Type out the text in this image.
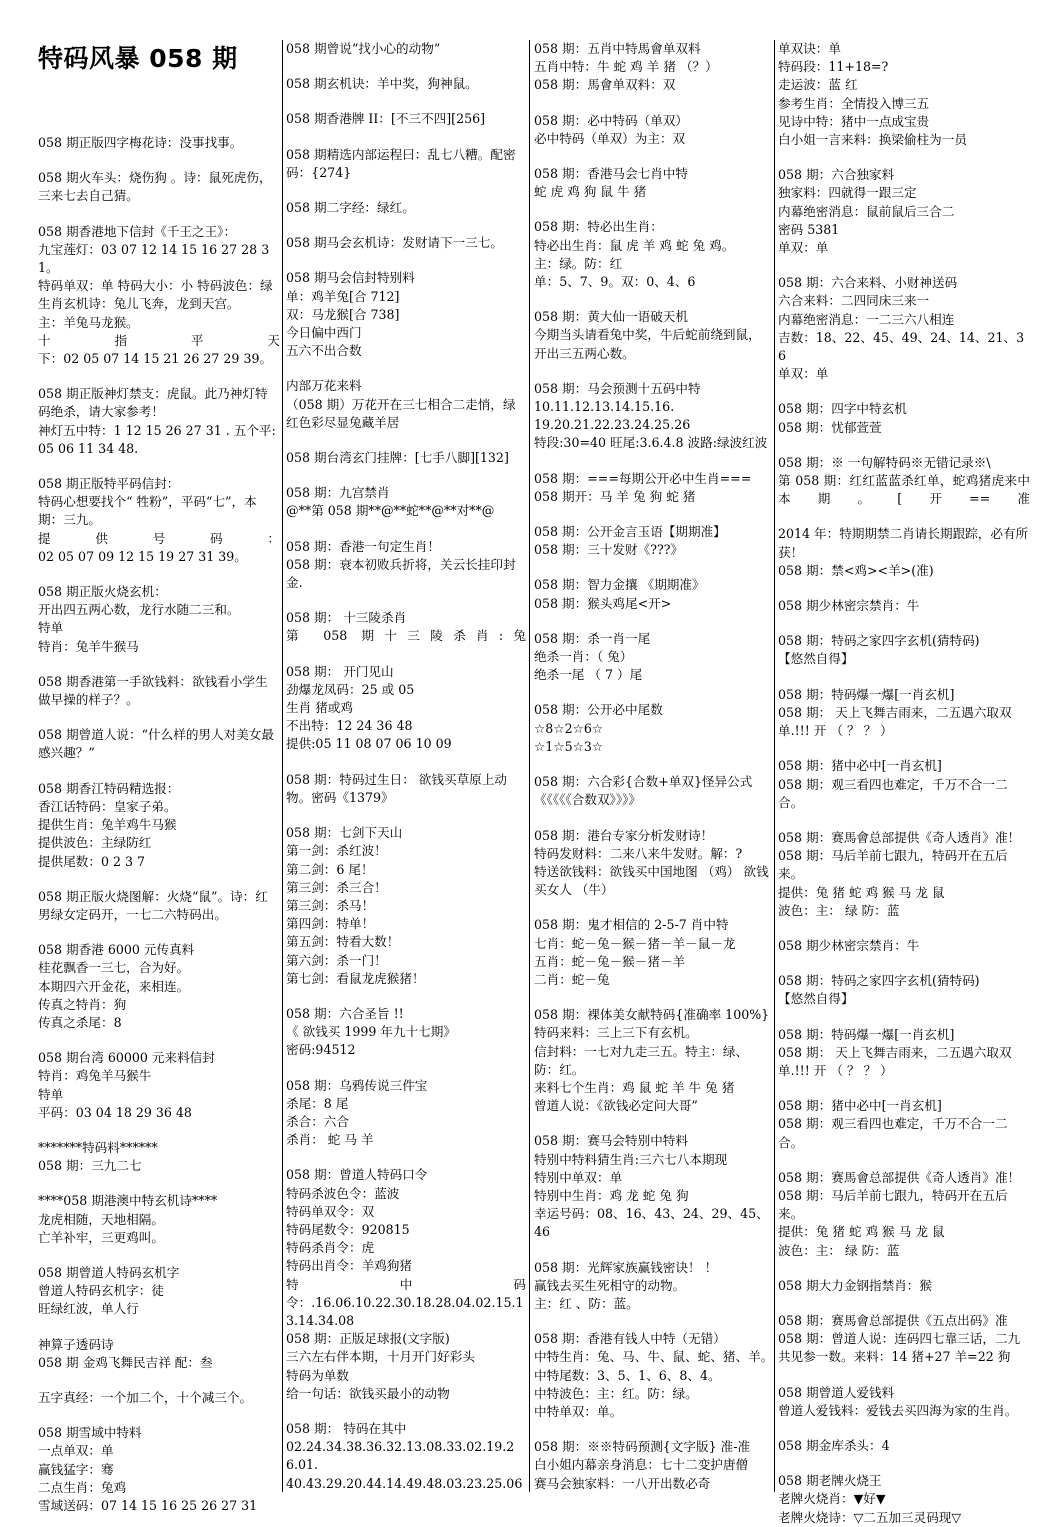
特码风暴 058 期
058 期正版四字梅花诗：没事找事。
058 期火车头：烧伤狗 。诗：鼠死虎伤，三来七去自己猜。
058 期香港地下信封《千王之王》：
九宝莲灯：03 07 12 14 15 16 27 28 31。
特码单双：单 特码大小：小 特码波色：绿
生肖玄机诗：兔儿飞奔，龙到天宫。
主：羊兔马龙猴。
十 指 平 天
下：02 05 07 14 15 21 26 27 29 39。
058 期正版神灯禁支：虎鼠。此乃神灯特码绝杀，请大家参考！
神灯五中特：1 12 15 26 27 31 . 五个平:05 06 11 34 48.
058 期正版特平码信封：
特码心想要找个“ 牲粉”，平码“七”，本期：三九。
提 供 号 码 ：
02 05 07 09 12 15 19 27 31 39。
058 期正版火烧玄机：
开出四五两心数，龙行水随二三和。
特单
特肖：兔羊牛猴马
058 期香港第一手欲钱料：欲钱看小学生做早操的样子？。
058 期曾道人说：“什么样的男人对美女最感兴趣？”
058 期香江特码精选报：
香江话特码：皇家子弟。
提供生肖：兔羊鸡牛马猴
提供波色：主绿防红
提供尾数：0 2 3 7
058 期正版火烧图解：火烧“鼠”。诗：红男绿女定码开，一七二六特码出。
058 期香港 6000 元传真料
桂花飘香一三七，合为好。
本期四六开金花，来相连。
传真之特肖：狗
传真之杀尾：8
058 期台湾 60000 元来料信封
特肖：鸡兔羊马猴牛
特单
平码：03 04 18 29 36 48
*******特码料******
058 期：三九二七
****058 期港澳中特玄机诗****
龙虎相随，天地相隔。
亡羊补牢，三更鸡叫。
058 期曾道人特码玄机字
曾道人特码玄机字：徒
旺绿红波，单人行
神算子透码诗
058 期 金鸡飞舞民吉祥 配：叁
五字真经：一个加二个，十个减三个。
058 期雪域中特料
一点单双：单
赢钱猛字：骞
二点生肖：兔鸡
雪域送码：07 14 15 16 25 26 27 31
058 期曾说“找小心的动物”
058 期玄机诀：羊中奖，狗神鼠。
058 期香港牌 II：[不三不四][256]
058 期精选内部运程曰：乱七八糟。配密码：{274}
058 期二字经：绿红。
058 期马会玄机诗：发财请下一三七。
058 期马会信封特别料
单：鸡羊兔[合 712]
双：马龙猴[合 738]
今日偏中西门
五六不出合数
内部万花来料
（058 期）万花开在三七相合二走悄，绿红色彩尽显兔藏羊居
058 期台湾玄门挂牌：[七手八脚][132]
058 期：九宫禁肖
@**第 058 期**@**蛇**@**对**@
058 期：香港一句定生肖！
058 期：衰本初败兵折将，关云长挂印封金.
058 期： 十三陵杀肖
第 058 期十三陵杀肖:兔
058 期： 开门见山
劲爆龙凤码：25 或 05
生肖 猪或鸡
不出特：12 24 36 48
提供:05 11 08 07 06 10 09
058 期：特码过生日： 欲钱买草原上动物。密码《1379》
058 期：七剑下天山
第一剑：杀红波！
第二剑：6 尾！
第三剑：杀三合！
第三剑：杀马！
第四剑：特单！
第五剑：特看大数！
第六剑：杀一门！
第七剑：看鼠龙虎猴猪！
058 期：六合圣旨 !!
《 欲钱买 1999 年九十七期》
密码:94512
058 期：乌鸦传说三件宝
杀尾：8 尾
杀合：六合
杀肖： 蛇 马 羊
058 期：曾道人特码口令
特码杀波色令：蓝波
特码单双令：双
特码尾数令：920815
特码杀肖令：虎
特码出肖令：羊鸡狗猪
特 中 码
令：.16.06.10.22.30.18.28.04.02.15.13.14.34.08
058 期：正版足球报(文字版)
三六左右伴本期，十月开门好彩头
特码为单数
给一句话：欲钱买最小的动物
058 期： 特码在其中
02.24.34.38.36.32.13.08.33.02.19.26.01.
40.43.29.20.44.14.49.48.03.23.25.06
058 期：五肖中特馬會单双料
五肖中特：牛 蛇 鸡 羊 猪 （？）
058 期：馬會单双料：双
058 期：必中特码（单双）
必中特码（单双）为主：双
058 期：香港马会七肖中特
蛇 虎 鸡 狗 鼠 牛 猪
058 期：特必出生肖：
特必出生肖：鼠 虎 羊 鸡 蛇 兔 鸡。
主：绿。防：红
单：5、7、9。双：0、4、6
058 期：黄大仙一语破天机
今期当头请看兔中奖，牛后蛇前绕到鼠，开出三五两心数。
058 期：马会预测十五码中特
10.11.12.13.14.15.16.
19.20.21.22.23.24.25.26
特段:30=40 旺尾:3.6.4.8 波路:绿波红波
058 期：===每期公开必中生肖===
058 期开：马 羊 兔 狗 蛇 猪
058 期：公开金言玉语【期期准】
058 期：三十发财《???》
058 期：智力金攘 《期期准》
058 期：猴头鸡尾<开>
058 期：杀一肖一尾
绝杀一肖：（ 兔）
绝杀一尾 （ 7 ）尾
058 期：公开必中尾数
☆8☆2☆6☆
☆1☆5☆3☆
058 期：六合彩{合数+单双}怪异公式
《《《《《合数双》》》》
058 期：港台专家分析发财诗！
特码发财料：二来八来牛发财。解：?
特送欲钱料：欲钱买中国地图 （鸡） 欲钱买女人 （牛）
058 期：鬼才相信的 2-5-7 肖中特
七肖：蛇－兔－猴－猪－羊－鼠－龙
五肖：蛇－兔－猴－猪－羊
二肖：蛇－兔
058 期：裸体美女献特码{准确率 100%}
特码来料：三上三下有玄机。
信封料：一七对九走三五。特主：绿、防：红。
来料七个生肖：鸡 鼠 蛇 羊 牛 兔 猪
曾道人说：《欲钱必定问大哥”
058 期：赛马会特别中特料
特别中特料猜生肖:三六七八本期现
特别中单双：单
特别中生肖：鸡 龙 蛇 兔 狗
幸运号码：08、16、43、24、29、45、46
058 期：光辉家族赢钱密诀！ ！
赢钱去买生死相守的动物。
主：红 、防：蓝。
058 期：香港有钱人中特（无错）
中特生肖：兔、马、牛、鼠、蛇、猪、羊。
中特尾数：3、5、1、6、8、4。
中特波色：主：红。防：绿。
中特单双：单。
058 期：※※特码预测{文字版} 准-准
白小姐内幕亲身消息：七十二变护唐僧
赛马会独家料：一八开出数必奇
单双诀：单
特码段：11+18=?
走运波：蓝 红
参考生肖：全情投入博三五
见诗中特：猪中一点成宝贵
白小姐一言来料：换梁偷柱为一员
058 期：六合独家料
独家料：四就得一跟三定
内幕绝密消息：鼠前鼠后三合二
密码 5381
单双：单
058 期：六合来料、小财神送码
六合来料：二四同床三来一
内幕绝密消息：一二三六八相连
吉数：18、22、45、49、24、14、21、36
单双：单
058 期：四字中特玄机
058 期：忧郁萱萱
058 期：※ 一句解特码※无错记录※\
第 058 期：红红蓝蓝杀红单，蛇鸡猪虎来中本期。[开==准
2014 年：特期期禁二肖请长期跟踪，必有所获！
058 期：禁<鸡><羊>(准)
058 期少林密宗禁肖：牛
058 期：特码之家四字玄机(猜特码)
【悠然自得】
058 期：特码爆一爆[一肖玄机]
058 期： 天上飞舞吉雨来，二五遇六取双单.!!! 开 （ ？ ？ ）
058 期：猪中必中[一肖玄机]
058 期：观三看四也难定，千万不合一二合。
058 期：赛馬會总部提供《奇人透肖》准！
058 期：马后羊前七跟九，特码开在五后来。
提供：兔 猪 蛇 鸡 猴 马 龙 鼠
波色：主： 绿 防：蓝
058 期少林密宗禁肖：牛
058 期：特码之家四字玄机(猜特码)
【悠然自得】
058 期：特码爆一爆[一肖玄机]
058 期： 天上飞舞吉雨来，二五遇六取双单.!!! 开 （ ？ ？ ）
058 期：猪中必中[一肖玄机]
058 期：观三看四也难定，千万不合一二合。
058 期：赛馬會总部提供《奇人透肖》准！
058 期：马后羊前七跟九，特码开在五后来。
提供：兔 猪 蛇 鸡 猴 马 龙 鼠
波色：主： 绿 防：蓝
058 期大力金钢指禁肖：猴
058 期：赛馬會总部提供《五点出码》准
058 期：曾道人说：连码四七靠三话，二九共见参一数。来料：14 猪+27 羊=22 狗
058 期曾道人爱钱料
曾道人爱钱料：爱钱去买四海为家的生肖。
058 期金库杀头：4
058 期老牌火烧王
老牌火烧肖：▼好▼
老牌火烧诗：▽二五加三灵码现▽
